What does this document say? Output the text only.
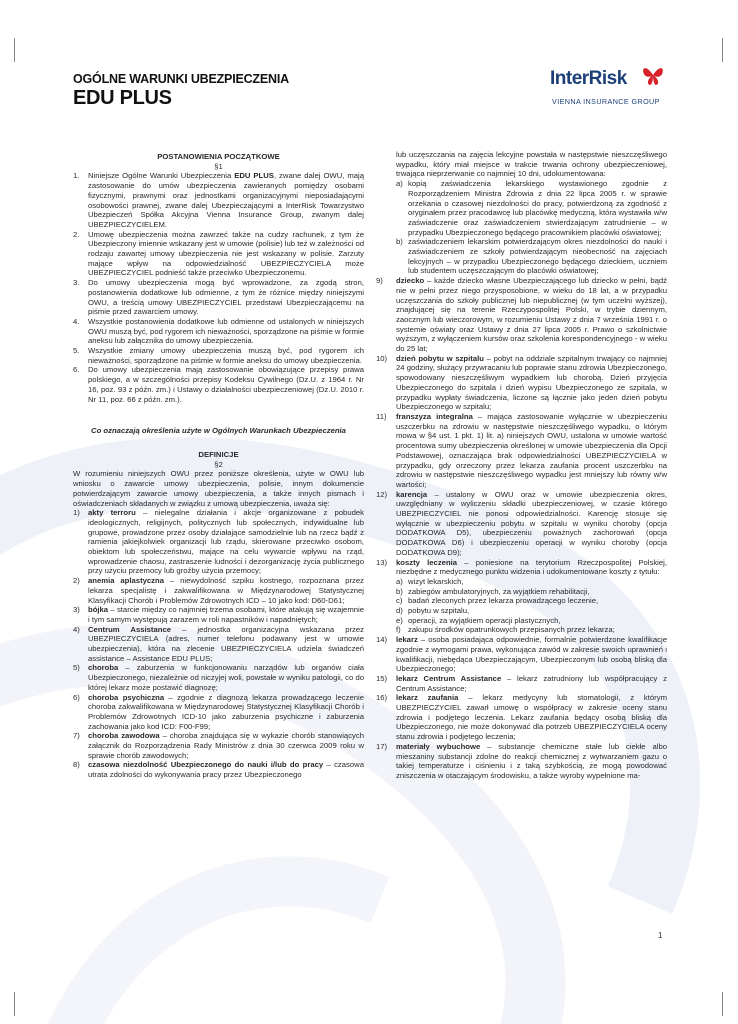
OGÓLNE WARUNKI UBEZPIECZENIA
EDU PLUS
InterRisk
VIENNA INSURANCE GROUP
POSTANOWIENIA POCZĄTKOWE
§1
1.	Niniejsze Ogólne Warunki Ubezpieczenia EDU PLUS, zwane dalej OWU, mają zastosowanie do umów ubezpieczenia zawieranych pomiędzy osobami fizycznymi, prawnymi oraz jednostkami organizacyjnymi nieposiadającymi osobowości prawnej, zwane dalej Ubezpieczającymi a InterRisk Towarzystwo Ubezpieczeń Spółka Akcyjna Vienna Insurance Group, zwanym dalej UBEZPIECZYCIELEM.
2.	Umowę ubezpieczenia można zawrzeć także na cudzy rachunek, z tym że Ubezpieczony imiennie wskazany jest w umowie (polisie) lub też w zależności od rodzaju zawartej umowy ubezpieczenia nie jest wskazany w polisie. Zarzuty mające wpływ na odpowiedzialność UBEZPIECZYCIELA może UBEZPIECZYCIEL podnieść także przeciwko Ubezpieczonemu.
3.	Do umowy ubezpieczenia mogą być wprowadzone, za zgodą stron, postanowienia dodatkowe lub odmienne, z tym że różnice między niniejszymi OWU, a treścią umowy UBEZPIECZYCIEL przedstawi Ubezpieczającemu na piśmie przed zawarciem umowy.
4.	Wszystkie postanowienia dodatkowe lub odmienne od ustalonych w niniejszych OWU muszą być, pod rygorem ich nieważności, sporządzone na piśmie w formie aneksu lub załącznika do umowy ubezpieczenia.
5.	Wszystkie zmiany umowy ubezpieczenia muszą być, pod rygorem ich nieważności, sporządzone na piśmie w formie aneksu do umowy ubezpieczenia.
6.	Do umowy ubezpieczenia mają zastosowanie obowiązujące przepisy prawa polskiego, a w szczególności przepisy Kodeksu Cywilnego (Dz.U. z 1964 r. Nr 16, poz. 93 z późn. zm.) i Ustawy o działalności ubezpieczeniowej (Dz.U. 2010 r. Nr 11, poz. 66 z późn. zm.).
Co oznaczają określenia użyte w Ogólnych Warunkach Ubezpieczenia
DEFINICJE
§2

W rozumieniu niniejszych OWU przez poniższe określenia, użyte w OWU lub wniosku o zawarcie umowy ubezpieczenia, polisie, innym dokumencie potwierdzającym zawarcie umowy ubezpieczenia, a także innych pismach i oświadczeniach składanych w związku z umową ubezpieczenia, uważa się:

1)	akty terroru – nielegalne działania i akcje organizowane z pobudek ideologicznych, religijnych, politycznych lub społecznych, indywidualne lub grupowe, prowadzone przez osoby działające samodzielnie lub na rzecz bądź z ramienia jakiejkolwiek organizacji lub rządu, skierowane przeciwko osobom, obiektom lub społeczeństwu, mające na celu wywarcie wpływu na rząd, wprowadzenie chaosu, zastraszenie ludności i dezorganizację życia publicznego przy użyciu przemocy lub groźby użycia przemocy;
2)	anemia aplastyczna – niewydolność szpiku kostnego, rozpoznana przez lekarza specjalistę i zakwalifikowana w Międzynarodowej Statystycznej Klasyfikacji Chorób i Problemów Zdrowotnych ICD – 10 jako kod: D60-D61;
3)	bójka – starcie między co najmniej trzema osobami, które atakują się wzajemnie i tym samym występują zarazem w roli napastników i napadniętych;
4)	Centrum Assistance – jednostka organizacyjna wskazana przez UBEZPIECZYCIELA (adres, numer telefonu podawany jest w umowie ubezpieczenia), która na zlecenie UBEZPIECZYCIELA udziela świadczeń assistance – Assistance EDU PLUS;
5)	choroba – zaburzenia w funkcjonowaniu narządów lub organów ciała Ubezpieczonego, niezależnie od niczyjej woli, powstałe w wyniku patologii, co do której lekarz może postawić diagnozę;
6)	choroba psychiczna – zgodnie z diagnozą lekarza prowadzącego leczenie choroba zakwalifikowana w Międzynarodowej Statystycznej Klasyfikacji Chorób i Problemów Zdrowotnych ICD-10 jako zaburzenia psychiczne i zaburzenia zachowania jako kod ICD: F00-F99;
7)	choroba zawodowa – choroba znajdująca się w wykazie chorób stanowiących załącznik do Rozporządzenia Rady Ministrów z dnia 30 czerwca 2009 roku w sprawie chorób zawodowych;
8)	czasowa niezdolność Ubezpieczonego do nauki i/lub do pracy – czasowa utrata zdolności do wykonywania pracy przez Ubezpieczonego
lub uczęszczania na zajęcia lekcyjne powstała w następstwie nieszczęśliwego wypadku, który miał miejsce w trakcie trwania ochrony ubezpieczeniowej, trwająca nieprzerwanie co najmniej 10 dni, udokumentowana:
a) kopią zaświadczenia lekarskiego wystawionego zgodnie z Rozporządzeniem Ministra Zdrowia z dnia 22 lipca 2005 r. w sprawie orzekania o czasowej niezdolności do pracy, potwierdzoną za zgodność z oryginałem przez pracodawcę lub placówkę medyczną, która wystawiła w/w zaświadczenie oraz zaświadczeniem stwierdzającym zatrudnienie – w przypadku Ubezpieczonego będącego pracownikiem placówki oświatowej;
b) zaświadczeniem lekarskim potwierdzającym okres niezdolności do nauki i zaświadczeniem ze szkoły potwierdzającym nieobecność na zajęciach lekcyjnych – w przypadku Ubezpieczonego będącego dzieckiem, uczniem lub studentem uczęszczającym do placówki oświatowej;
9)	dziecko – każde dziecko własne Ubezpieczającego lub dziecko w pełni, bądź nie w pełni przez niego przysposobione, w wieku do 18 lat, a w przypadku uczęszczania do szkoły publicznej lub niepublicznej (w tym uczelni wyższej), znajdującej się na terenie Rzeczypospolitej Polski, w trybie dziennym, zaocznym lub wieczorowym, w rozumieniu Ustawy z dnia 7 września 1991 r. o systemie oświaty oraz Ustawy z dnia 27 lipca 2005 r. Prawo o szkolnictwie wyższym, z wyłączeniem kursów oraz szkolenia korespondencyjnego - w wieku do 25 lat;
10)	dzień pobytu w szpitalu – pobyt na oddziale szpitalnym trwający co najmniej 24 godziny, służący przywracaniu lub poprawie stanu zdrowia Ubezpieczonego, spowodowany nieszczęśliwym wypadkiem lub chorobą. Dzień przyjęcia Ubezpieczonego do szpitala i dzień wypisu Ubezpieczonego ze szpitala, w przypadku wypłaty świadczenia, liczone są łącznie jako jeden dzień pobytu Ubezpieczonego w szpitalu;
11)	franszyza integralna – mająca zastosowanie wyłącznie w ubezpieczeniu uszczerbku na zdrowiu w następstwie nieszczęśliwego wypadku, o którym mowa w §4 ust. 1 pkt. 1) lit. a) niniejszych OWU, ustalona w umowie wartość procentowa sumy ubezpieczenia określonej w umowie ubezpieczenia dla Opcji Podstawowej, oznaczająca brak odpowiedzialności UBEZPIECZYCIELA w przypadku, gdy orzeczony przez lekarza zaufania procent uszczerbku na zdrowiu w następstwie nieszczęśliwego wypadku jest mniejszy lub równy w/w wartości;
12)	karencja – ustalony w OWU oraz w umowie ubezpieczenia okres, uwzględniany w wyliczeniu składki ubezpieczeniowej, w czasie którego UBEZPIECZYCIEL nie ponosi odpowiedzialności. Karencję stosuje się wyłącznie w ubezpieczeniu pobytu w szpitalu w wyniku choroby (opcja DODATKOWA D5), ubezpieczeniu poważnych zachorowań (opcja DODATKOWA D6) i ubezpieczeniu operacji w wyniku choroby (opcja DODATKOWA D9);
13)	koszty leczenia – poniesione na terytorium Rzeczpospolitej Polskiej, niezbędne z medycznego punktu widzenia i udokumentowane koszty z tytułu:
a) wizyt lekarskich,
b) zabiegów ambulatoryjnych, za wyjątkiem rehabilitacji,
c) badań zleconych przez lekarza prowadzącego leczenie,
d) pobytu w szpitalu,
e) operacji, za wyjątkiem operacji plastycznych,
f) zakupu środków opatrunkowych przepisanych przez lekarza;
14)	lekarz – osoba posiadająca odpowiednie, formalnie potwierdzone kwalifikacje zgodnie z wymogami prawa, wykonująca zawód w zakresie swoich uprawnień i kwalifikacji, niebędąca Ubezpieczającym, Ubezpieczonym lub osobą bliską dla Ubezpieczonego;
15)	lekarz Centrum Assistance – lekarz zatrudniony lub współpracujący z Centrum Assistance;
16)	lekarz zaufania – lekarz medycyny lub stomatologii, z którym UBEZPIECZYCIEL zawarł umowę o współpracy w zakresie oceny stanu zdrowia i podjętego leczenia. Lekarz zaufania będący osobą bliską dla Ubezpieczonego, nie może dokonywać dla potrzeb UBEZPIECZYCIELA oceny stanu zdrowia i podjętego leczenia;
17)	materiały wybuchowe – substancje chemiczne stałe lub ciekłe albo mieszaniny substancji zdolne do reakcji chemicznej z wytwarzaniem gazu o takiej temperaturze i ciśnieniu i z taką szybkością, że mogą powodować zniszczenia w otaczającym środowisku, a także wyroby wypełnione ma-
1
